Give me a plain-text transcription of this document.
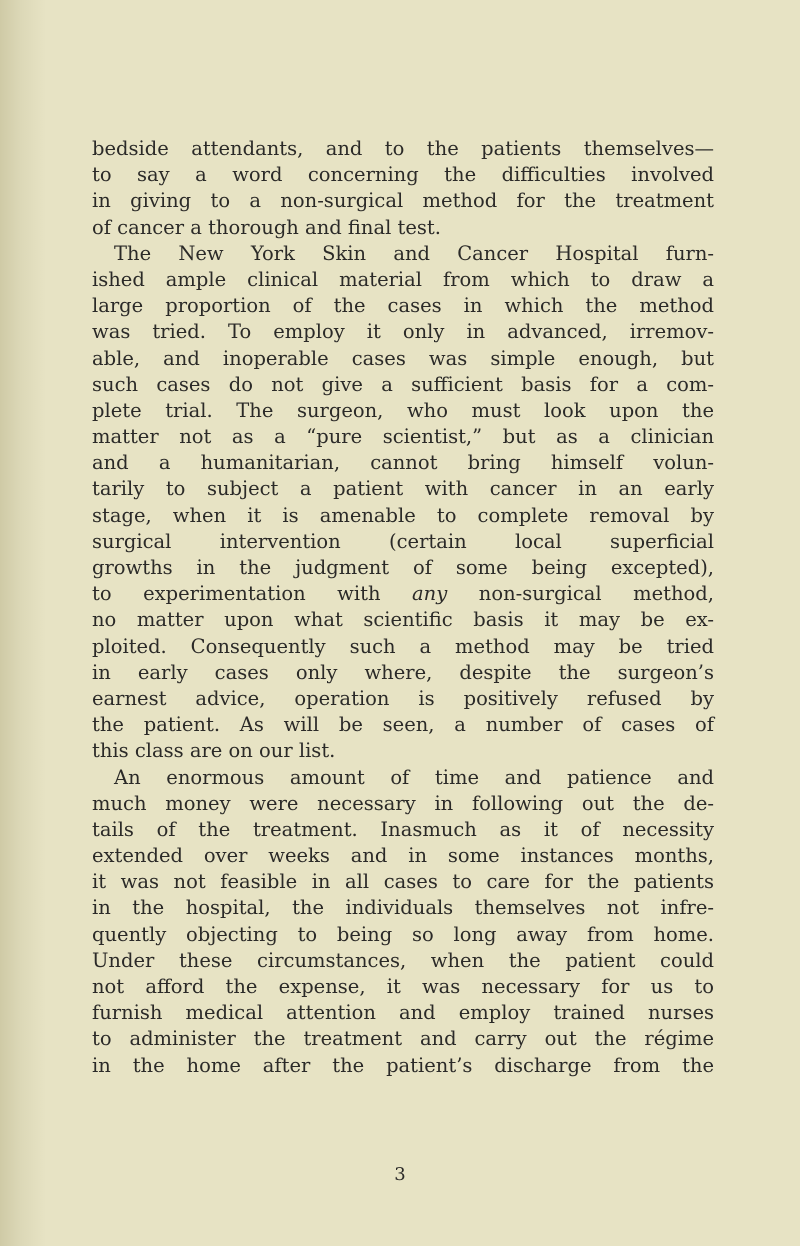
bedside attendants, and to the patients themselves—
to say a word concerning the difficulties involved
in giving to a non-surgical method for the treatment
of cancer a thorough and final test.
The New York Skin and Cancer Hospital furn-
ished ample clinical material from which to draw a
large proportion of the cases in which the method
was tried. To employ it only in advanced, irremov-
able, and inoperable cases was simple enough, but
such cases do not give a sufficient basis for a com-
plete trial. The surgeon, who must look upon the
matter not as a “pure scientist,” but as a clinician
and a humanitarian, cannot bring himself volun-
tarily to subject a patient with cancer in an early
stage, when it is amenable to complete removal by
surgical intervention (certain local superficial
growths in the judgment of some being excepted),
to experimentation with any non-surgical method,
no matter upon what scientific basis it may be ex-
ploited. Consequently such a method may be tried
in early cases only where, despite the surgeon’s
earnest advice, operation is positively refused by
the patient. As will be seen, a number of cases of
this class are on our list.
An enormous amount of time and patience and
much money were necessary in following out the de-
tails of the treatment. Inasmuch as it of necessity
extended over weeks and in some instances months,
it was not feasible in all cases to care for the patients
in the hospital, the individuals themselves not infre-
quently objecting to being so long away from home.
Under these circumstances, when the patient could
not afford the expense, it was necessary for us to
furnish medical attention and employ trained nurses
to administer the treatment and carry out the régime
in the home after the patient’s discharge from the
3
